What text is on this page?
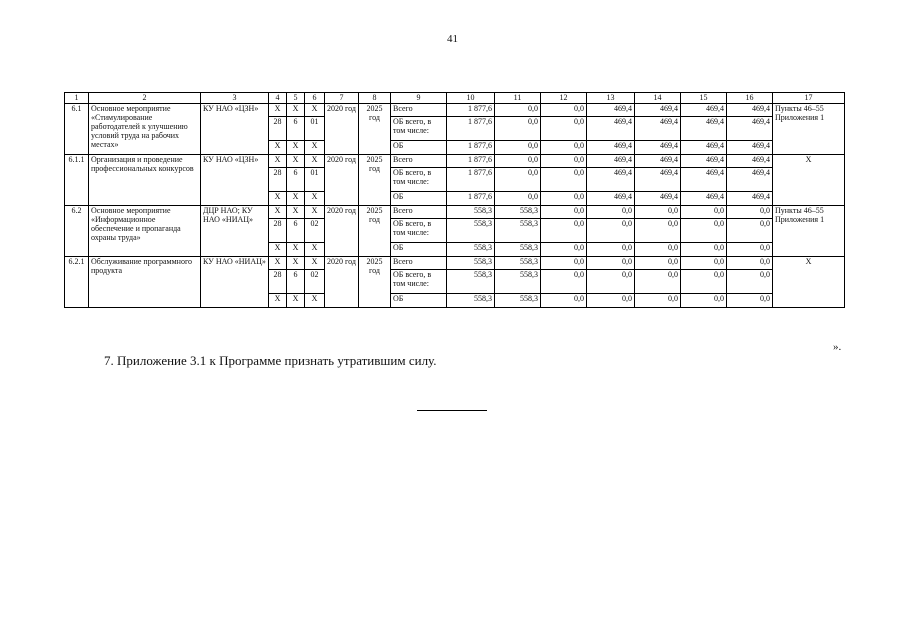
41
1	2	3	4	5	6	7	8	9	10	11	12	13	14	15	16	17
6.1	Основное мероприятие «Стимулирование работодателей к улучшению условий труда на рабочих местах»	КУ НАО «ЦЗН»	X	X	X	2020 год	2025 год	Всего	1 877,6	0,0	0,0	469,4	469,4	469,4	469,4	Пункты 46–55 Приложения 1
			28	6	01			ОБ всего, в том числе:	1 877,6	0,0	0,0	469,4	469,4	469,4	469,4	
			X	X	X			ОБ	1 877,6	0,0	0,0	469,4	469,4	469,4	469,4	
6.1.1	Организация и проведение профессиональных конкурсов	КУ НАО «ЦЗН»	X	X	X	2020 год	2025 год	Всего	1 877,6	0,0	0,0	469,4	469,4	469,4	469,4	X
			28	6	01			ОБ всего, в том числе:	1 877,6	0,0	0,0	469,4	469,4	469,4	469,4	
			X	X	X			ОБ	1 877,6	0,0	0,0	469,4	469,4	469,4	469,4	
6.2	Основное мероприятие «Информационное обеспечение и пропаганда охраны труда»	ДЦР НАО; КУ НАО «НИАЦ»	X	X	X	2020 год	2025 год	Всего	558,3	558,3	0,0	0,0	0,0	0,0	0,0	Пункты 46–55 Приложения 1
			28	6	02			ОБ всего, в том числе:	558,3	558,3	0,0	0,0	0,0	0,0	0,0	
			X	X	X			ОБ	558,3	558,3	0,0	0,0	0,0	0,0	0,0	
6.2.1	Обслуживание программного продукта	КУ НАО «НИАЦ»	X	X	X	2020 год	2025 год	Всего	558,3	558,3	0,0	0,0	0,0	0,0	0,0	X
			28	6	02			ОБ всего, в том числе:	558,3	558,3	0,0	0,0	0,0	0,0	0,0	
			X	X	X			ОБ	558,3	558,3	0,0	0,0	0,0	0,0	0,0	
».
7. Приложение 3.1 к Программе признать утратившим силу.
